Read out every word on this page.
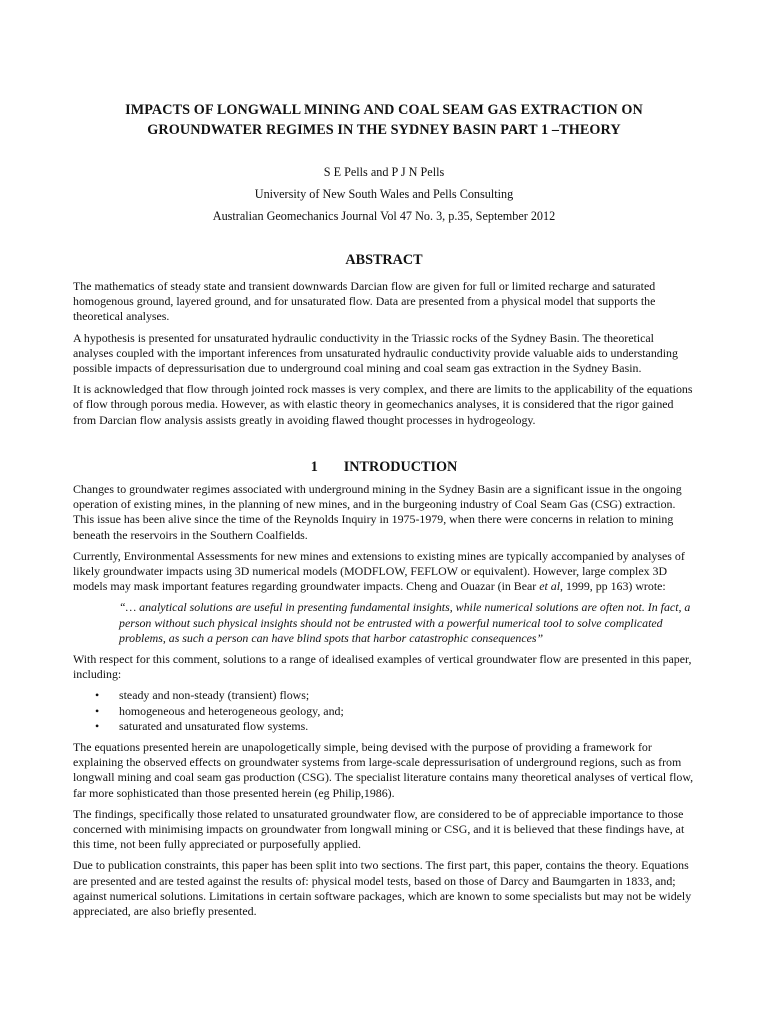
IMPACTS OF LONGWALL MINING AND COAL SEAM GAS EXTRACTION ON
GROUNDWATER REGIMES IN THE SYDNEY BASIN PART 1 –THEORY
S E Pells and P J N Pells
University of New South Wales and Pells Consulting
Australian Geomechanics Journal Vol 47 No. 3, p.35, September 2012
ABSTRACT

The mathematics of steady state and transient downwards Darcian flow are given for full or limited recharge and saturated homogenous ground, layered ground, and for unsaturated flow. Data are presented from a physical model that supports the theoretical analyses.

A hypothesis is presented for unsaturated hydraulic conductivity in the Triassic rocks of the Sydney Basin. The theoretical analyses coupled with the important inferences from unsaturated hydraulic conductivity provide valuable aids to understanding possible impacts of depressurisation due to underground coal mining and coal seam gas extraction in the Sydney Basin.

It is acknowledged that flow through jointed rock masses is very complex, and there are limits to the applicability of the equations of flow through porous media. However, as with elastic theory in geomechanics analyses, it is considered that the rigor gained from Darcian flow analysis assists greatly in avoiding flawed thought processes in hydrogeology.

1 INTRODUCTION

Changes to groundwater regimes associated with underground mining in the Sydney Basin are a significant issue in the ongoing operation of existing mines, in the planning of new mines, and in the burgeoning industry of Coal Seam Gas (CSG) extraction. This issue has been alive since the time of the Reynolds Inquiry in 1975-1979, when there were concerns in relation to mining beneath the reservoirs in the Southern Coalfields.

Currently, Environmental Assessments for new mines and extensions to existing mines are typically accompanied by analyses of likely groundwater impacts using 3D numerical models (MODFLOW, FEFLOW or equivalent). However, large complex 3D models may mask important features regarding groundwater impacts. Cheng and Ouazar (in Bear et al, 1999, pp 163) wrote:

“… analytical solutions are useful in presenting fundamental insights, while numerical solutions are often not. In fact, a person without such physical insights should not be entrusted with a powerful numerical tool to solve complicated problems, as such a person can have blind spots that harbor catastrophic consequences”

With respect for this comment, solutions to a range of idealised examples of vertical groundwater flow are presented in this paper, including:

• steady and non-steady (transient) flows;
• homogeneous and heterogeneous geology, and;
• saturated and unsaturated flow systems.

The equations presented herein are unapologetically simple, being devised with the purpose of providing a framework for explaining the observed effects on groundwater systems from large-scale depressurisation of underground regions, such as from longwall mining and coal seam gas production (CSG). The specialist literature contains many theoretical analyses of vertical flow, far more sophisticated than those presented herein (eg Philip,1986).

The findings, specifically those related to unsaturated groundwater flow, are considered to be of appreciable importance to those concerned with minimising impacts on groundwater from longwall mining or CSG, and it is believed that these findings have, at this time, not been fully appreciated or purposefully applied.

Due to publication constraints, this paper has been split into two sections. The first part, this paper, contains the theory. Equations are presented and are tested against the results of: physical model tests, based on those of Darcy and Baumgarten in 1833, and; against numerical solutions. Limitations in certain software packages, which are known to some specialists but may not be widely appreciated, are also briefly presented.
